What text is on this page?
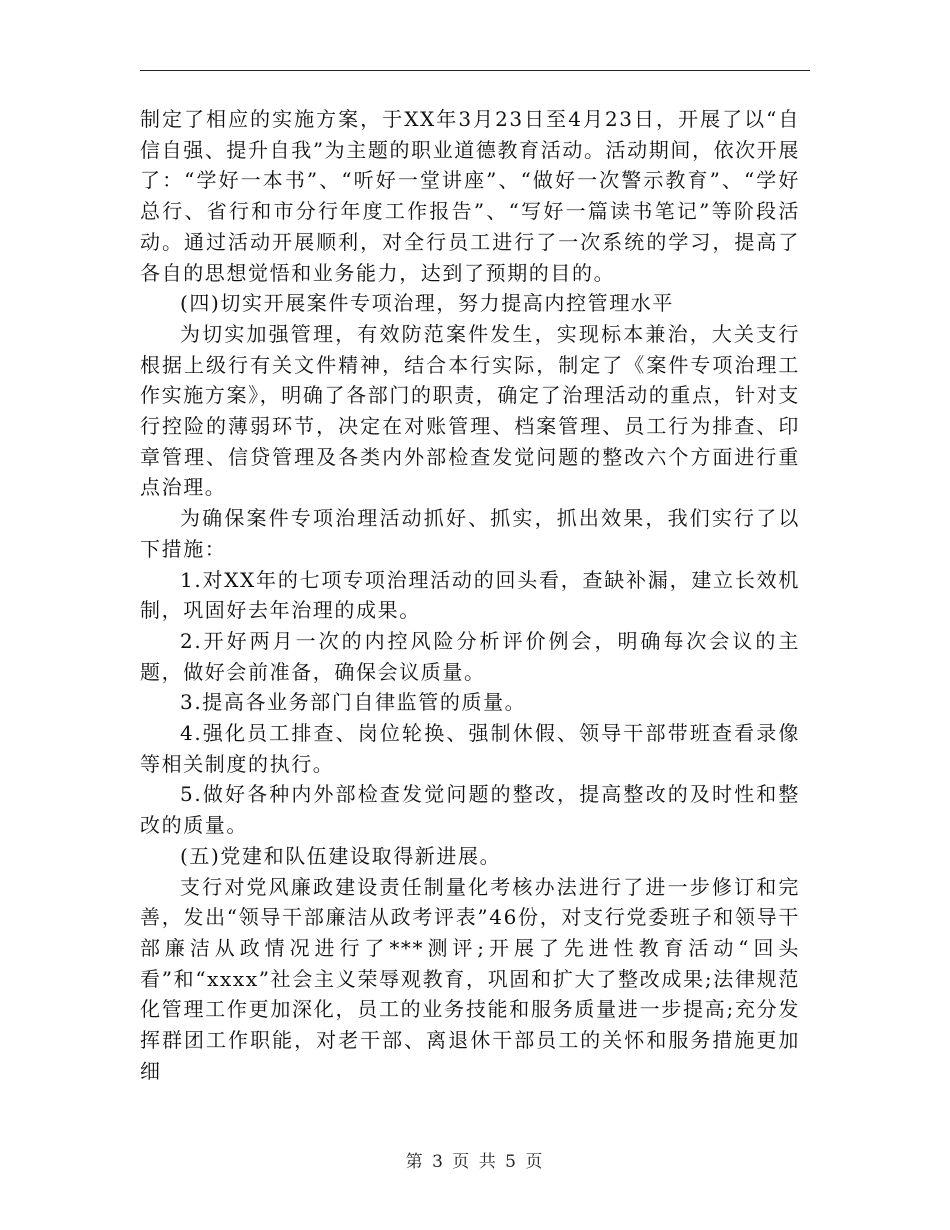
制定了相应的实施方案，于XX年3月23日至4月23日，开展了以“自信自强、提升自我”为主题的职业道德教育活动。活动期间，依次开展了：“学好一本书”、“听好一堂讲座”、“做好一次警示教育”、“学好总行、省行和市分行年度工作报告”、“写好一篇读书笔记”等阶段活动。通过活动开展顺利，对全行员工进行了一次系统的学习，提高了各自的思想觉悟和业务能力，达到了预期的目的。

(四)切实开展案件专项治理，努力提高内控管理水平

为切实加强管理，有效防范案件发生，实现标本兼治，大关支行根据上级行有关文件精神，结合本行实际，制定了《案件专项治理工作实施方案》，明确了各部门的职责，确定了治理活动的重点，针对支行控险的薄弱环节，决定在对账管理、档案管理、员工行为排查、印章管理、信贷管理及各类内外部检查发觉问题的整改六个方面进行重点治理。

为确保案件专项治理活动抓好、抓实，抓出效果，我们实行了以下措施：

1.对XX年的七项专项治理活动的回头看，查缺补漏，建立长效机制，巩固好去年治理的成果。

2.开好两月一次的内控风险分析评价例会，明确每次会议的主题，做好会前准备，确保会议质量。

3.提高各业务部门自律监管的质量。

4.强化员工排查、岗位轮换、强制休假、领导干部带班查看录像等相关制度的执行。

5.做好各种内外部检查发觉问题的整改，提高整改的及时性和整改的质量。

(五)党建和队伍建设取得新进展。

支行对党风廉政建设责任制量化考核办法进行了进一步修订和完善，发出“领导干部廉洁从政考评表”46份，对支行党委班子和领导干部廉洁从政情况进行了***测评;开展了先进性教育活动“回头看”和“xxxx”社会主义荣辱观教育，巩固和扩大了整改成果;法律规范化管理工作更加深化，员工的业务技能和服务质量进一步提高;充分发挥群团工作职能，对老干部、离退休干部员工的关怀和服务措施更加细

第 3 页 共 5 页
